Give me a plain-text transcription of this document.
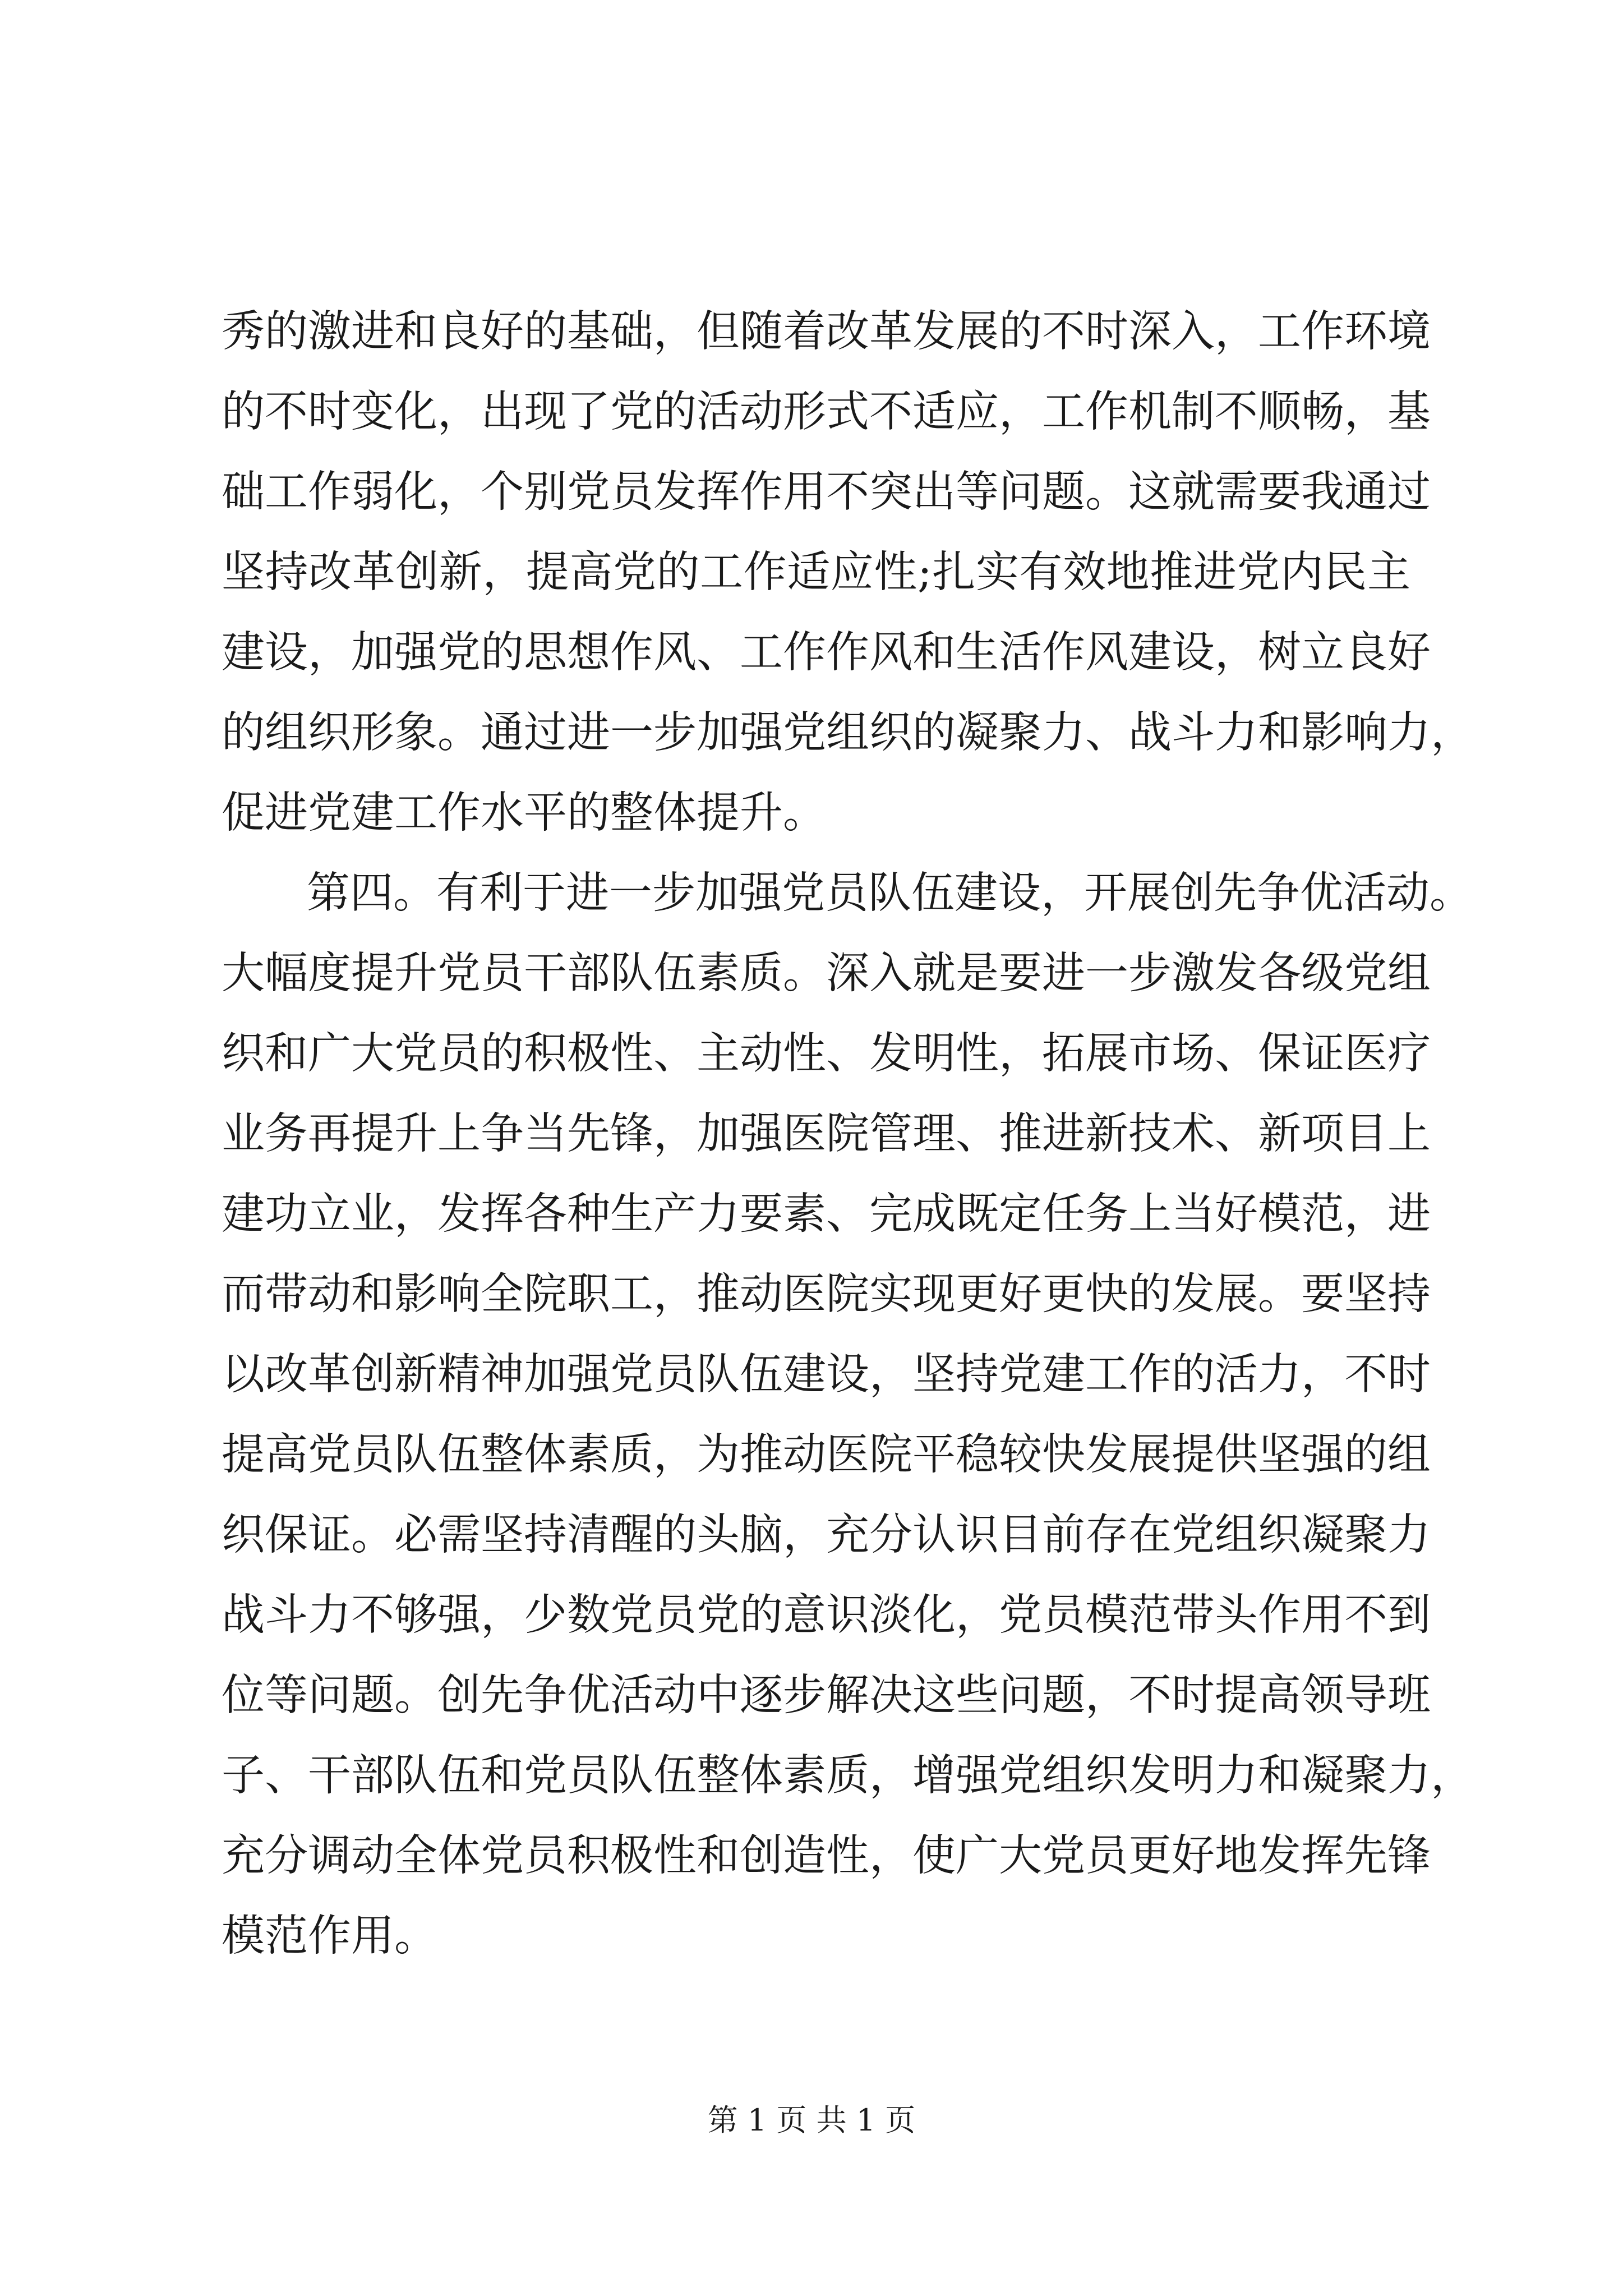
秀的激进和良好的基础，但随着改革发展的不时深入，工作环境
的不时变化，出现了党的活动形式不适应，工作机制不顺畅，基
础工作弱化，个别党员发挥作用不突出等问题。这就需要我通过
坚持改革创新，提高党的工作适应性;扎实有效地推进党内民主
建设，加强党的思想作风、工作作风和生活作风建设，树立良好
的组织形象。通过进一步加强党组织的凝聚力、战斗力和影响力，
促进党建工作水平的整体提升。
第四。有利于进一步加强党员队伍建设，开展创先争优活动。
大幅度提升党员干部队伍素质。深入就是要进一步激发各级党组
织和广大党员的积极性、主动性、发明性，拓展市场、保证医疗
业务再提升上争当先锋，加强医院管理、推进新技术、新项目上
建功立业，发挥各种生产力要素、完成既定任务上当好模范，进
而带动和影响全院职工，推动医院实现更好更快的发展。要坚持
以改革创新精神加强党员队伍建设，坚持党建工作的活力，不时
提高党员队伍整体素质，为推动医院平稳较快发展提供坚强的组
织保证。必需坚持清醒的头脑，充分认识目前存在党组织凝聚力
战斗力不够强，少数党员党的意识淡化，党员模范带头作用不到
位等问题。创先争优活动中逐步解决这些问题，不时提高领导班
子、干部队伍和党员队伍整体素质，增强党组织发明力和凝聚力，
充分调动全体党员积极性和创造性，使广大党员更好地发挥先锋
模范作用。
第 1 页 共 1 页
